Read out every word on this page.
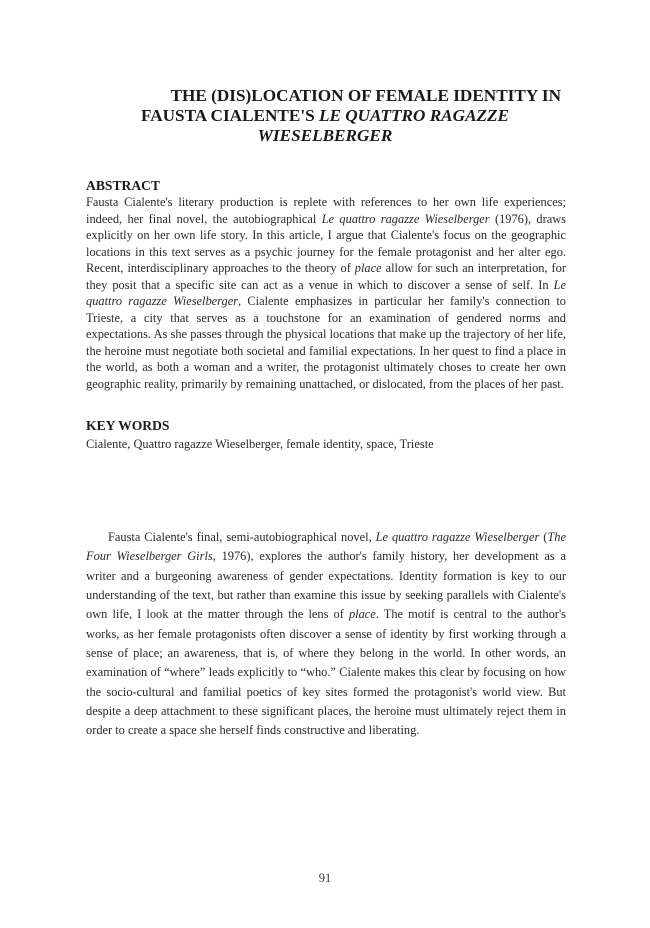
THE (DIS)LOCATION OF FEMALE IDENTITY IN
FAUSTA CIALENTE'S LE QUATTRO RAGAZZE
WIESELBERGER
ABSTRACT

Fausta Cialente's literary production is replete with references to her own life experiences; indeed, her final novel, the autobiographical Le quattro ragazze Wieselberger (1976), draws explicitly on her own life story. In this article, I argue that Cialente's focus on the geographic locations in this text serves as a psychic journey for the female protagonist and her alter ego. Recent, interdisciplinary approaches to the theory of place allow for such an interpretation, for they posit that a specific site can act as a venue in which to discover a sense of self. In Le quattro ragazze Wieselberger, Cialente emphasizes in particular her family's connection to Trieste, a city that serves as a touchstone for an examination of gendered norms and expectations. As she passes through the physical locations that make up the trajectory of her life, the heroine must negotiate both societal and familial expectations. In her quest to find a place in the world, as both a woman and a writer, the protagonist ultimately choses to create her own geographic reality, primarily by remaining unattached, or dislocated, from the places of her past.

KEY WORDS

Cialente, Quattro ragazze Wieselberger, female identity, space, Trieste

Fausta Cialente's final, semi-autobiographical novel, Le quattro ragazze Wieselberger (The Four Wieselberger Girls, 1976), explores the author's family history, her development as a writer and a burgeoning awareness of gender expectations. Identity formation is key to our understanding of the text, but rather than examine this issue by seeking parallels with Cialente's own life, I look at the matter through the lens of place. The motif is central to the author's works, as her female protagonists often discover a sense of identity by first working through a sense of place; an awareness, that is, of where they belong in the world. In other words, an examination of “where” leads explicitly to “who.” Cialente makes this clear by focusing on how the socio-cultural and familial poetics of key sites formed the protagonist's world view. But despite a deep attachment to these significant places, the heroine must ultimately reject them in order to create a space she herself finds constructive and liberating.

91
